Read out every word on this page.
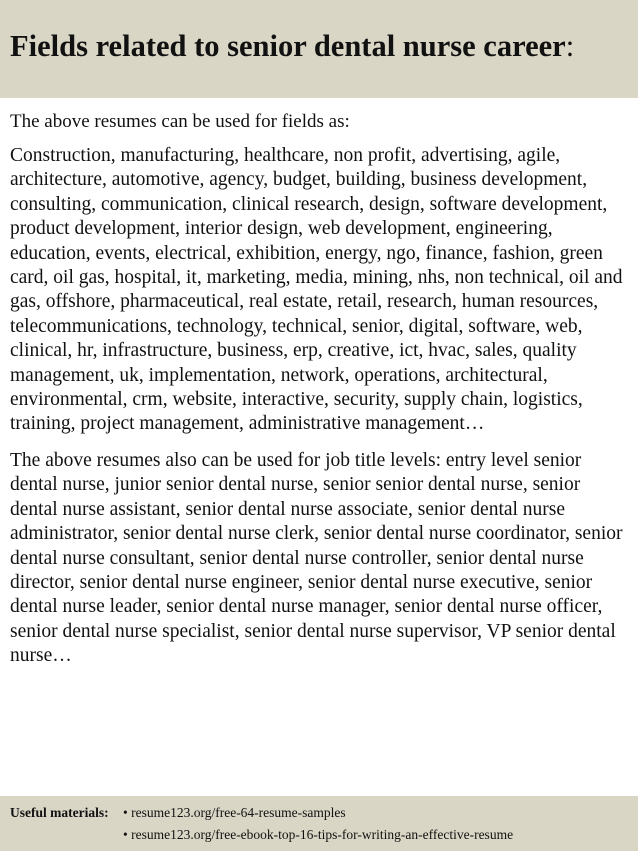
Fields related to senior dental nurse career:

The above resumes can be used for fields as:

Construction, manufacturing, healthcare, non profit, advertising, agile, architecture, automotive, agency, budget, building, business development, consulting, communication, clinical research, design, software development, product development, interior design, web development, engineering, education, events, electrical, exhibition, energy, ngo, finance, fashion, green card, oil gas, hospital, it, marketing, media, mining, nhs, non technical, oil and gas, offshore, pharmaceutical, real estate, retail, research, human resources, telecommunications, technology, technical, senior, digital, software, web, clinical, hr, infrastructure, business, erp, creative, ict, hvac, sales, quality management, uk, implementation, network, operations, architectural, environmental, crm, website, interactive, security, supply chain, logistics, training, project management, administrative management…

The above resumes also can be used for job title levels: entry level senior dental nurse, junior senior dental nurse, senior senior dental nurse, senior dental nurse assistant, senior dental nurse associate, senior dental nurse administrator, senior dental nurse clerk, senior dental nurse coordinator, senior dental nurse consultant, senior dental nurse controller, senior dental nurse director, senior dental nurse engineer, senior dental nurse executive, senior dental nurse leader, senior dental nurse manager, senior dental nurse officer, senior dental nurse specialist, senior dental nurse supervisor, VP senior dental nurse…

Useful materials: • resume123.org/free-64-resume-samples
• resume123.org/free-ebook-top-16-tips-for-writing-an-effective-resume
